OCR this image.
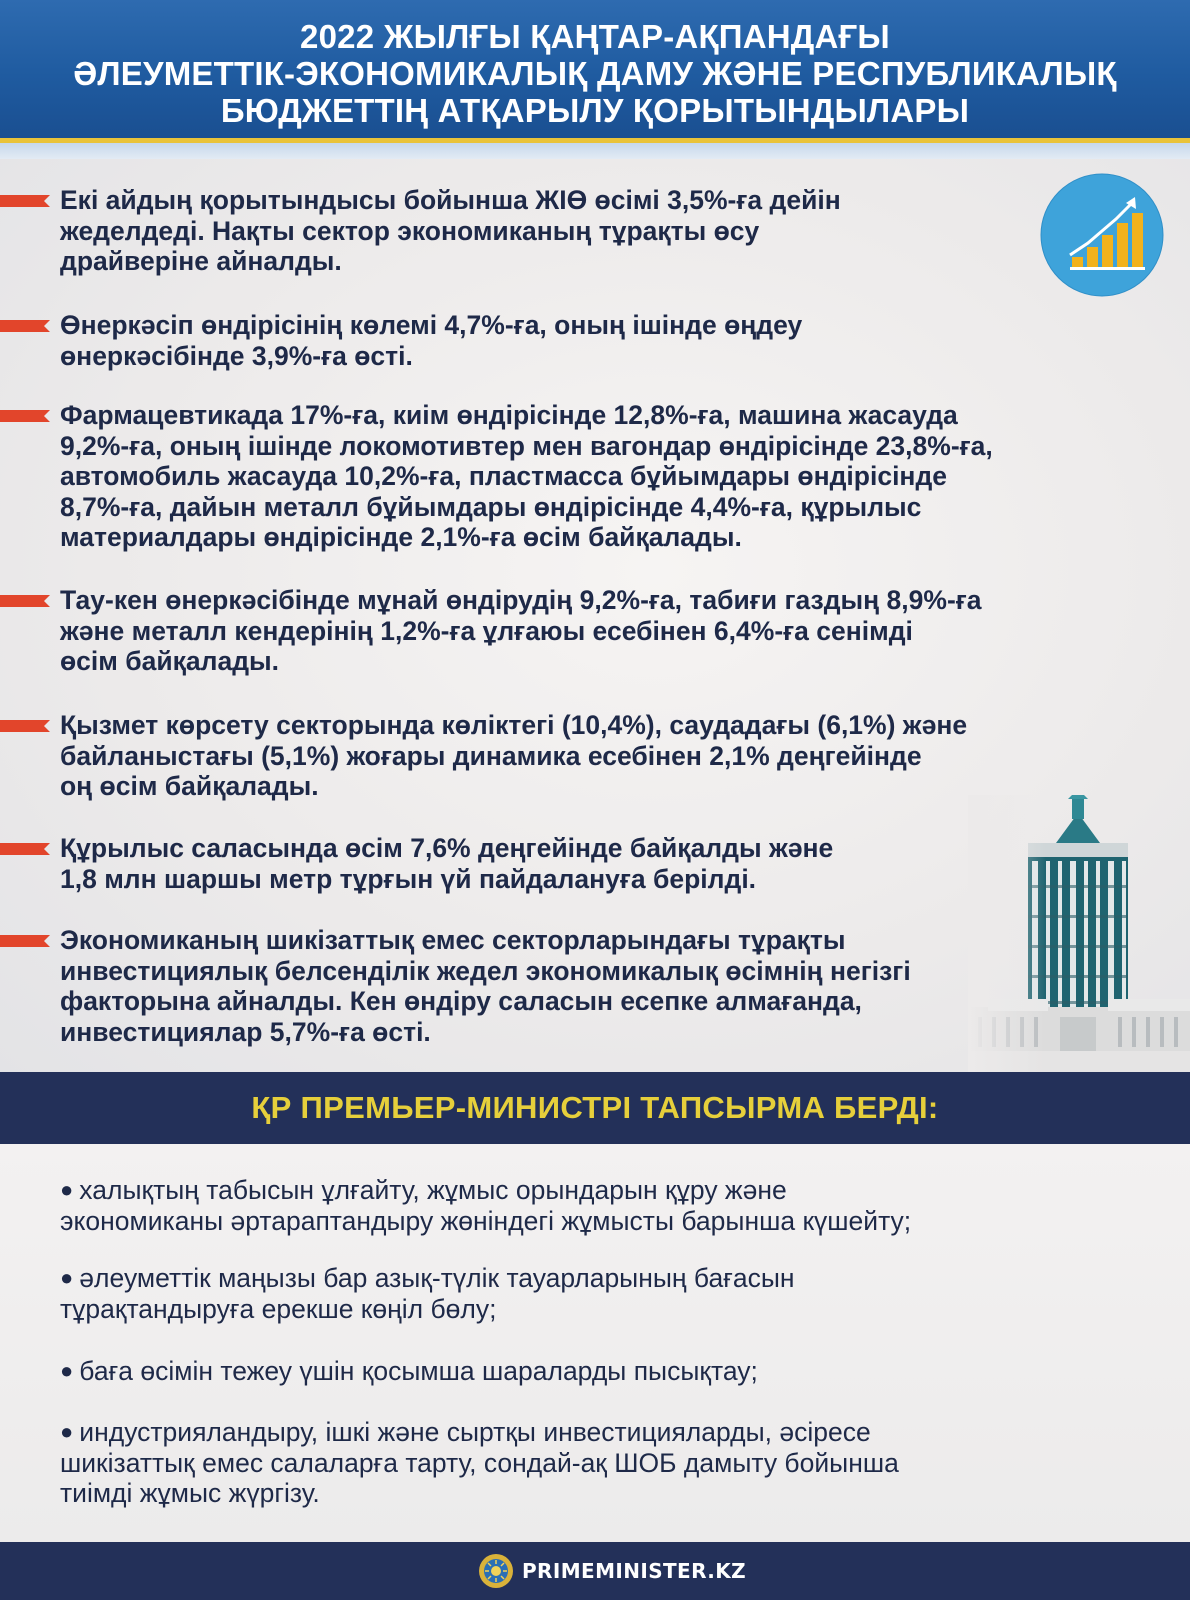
2022 ЖЫЛҒЫ ҚАҢТАР-АҚПАНДАҒЫ
ӘЛЕУМЕТТІК-ЭКОНОМИКАЛЫҚ ДАМУ ЖӘНЕ РЕСПУБЛИКАЛЫҚ
БЮДЖЕТТІҢ АТҚАРЫЛУ ҚОРЫТЫНДЫЛАРЫ
Екі айдың қорытындысы бойынша ЖІӨ өсімі 3,5%-ға дейін
жеделдеді. Нақты сектор экономиканың тұрақты өсу
драйверіне айналды.
Өнеркәсіп өндірісінің көлемі 4,7%-ға, оның ішінде өңдеу
өнеркәсібінде 3,9%-ға өсті.
Фармацевтикада 17%-ға, киім өндірісінде 12,8%-ға, машина жасауда
9,2%-ға, оның ішінде локомотивтер мен вагондар өндірісінде 23,8%-ға,
автомобиль жасауда 10,2%-ға, пластмасса бұйымдары өндірісінде
8,7%-ға, дайын металл бұйымдары өндірісінде 4,4%-ға, құрылыс
материалдары өндірісінде 2,1%-ға өсім байқалады.
Тау-кен өнеркәсібінде мұнай өндірудің 9,2%-ға, табиғи газдың 8,9%-ға
және металл кендерінің 1,2%-ға ұлғаюы есебінен 6,4%-ға сенімді
өсім байқалады.
Қызмет көрсету секторында көліктегі (10,4%), саудадағы (6,1%) және
байланыстағы (5,1%) жоғары динамика есебінен 2,1% деңгейінде
оң өсім байқалады.
Құрылыс саласында өсім 7,6% деңгейінде байқалды және
1,8 млн шаршы метр тұрғын үй пайдалануға берілді.
Экономиканың шикізаттық емес секторларындағы тұрақты
инвестициялық белсенділік жедел экономикалық өсімнің негізгі
факторына айналды. Кен өндіру саласын есепке алмағанда,
инвестициялар 5,7%-ға өсті.
ҚР ПРЕМЬЕР-МИНИСТРІ ТАПСЫРМА БЕРДІ:
● халықтың табысын ұлғайту, жұмыс орындарын құру және
экономиканы әртараптандыру жөніндегі жұмысты барынша күшейту;
● әлеуметтік маңызы бар азық-түлік тауарларының бағасын
тұрақтандыруға ерекше көңіл бөлу;
● баға өсімін тежеу үшін қосымша шараларды пысықтау;
● индустрияландыру, ішкі және сыртқы инвестицияларды, әсіресе
шикізаттық емес салаларға тарту, сондай-ақ ШОБ дамыту бойынша
тиімді жұмыс жүргізу.
PRIMEMINISTER.KZ
